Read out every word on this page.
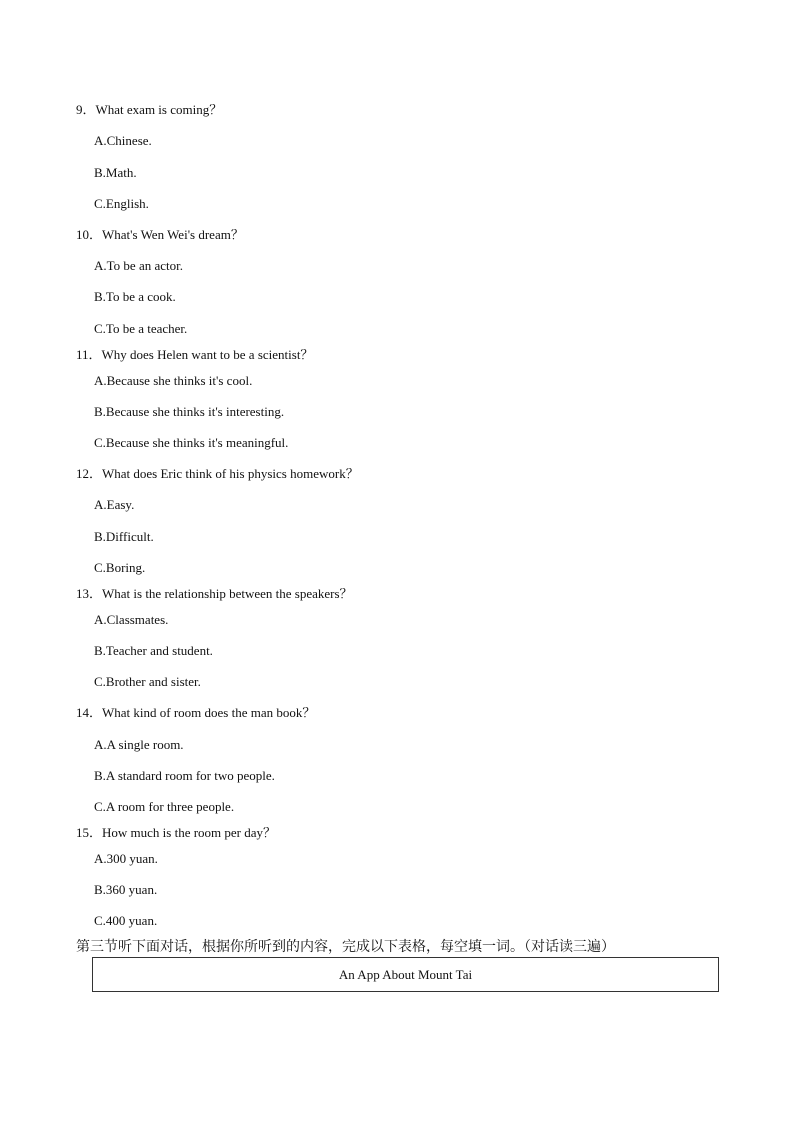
9．What exam is coming？
A.Chinese.
B.Math.
C.English.
10．What's Wen Wei's dream？
A.To be an actor.
B.To be a cook.
C.To be a teacher.
11．Why does Helen want to be a scientist？
A.Because she thinks it's cool.
B.Because she thinks it's interesting.
C.Because she thinks it's meaningful.
12．What does Eric think of his physics homework？
A.Easy.
B.Difficult.
C.Boring.
13．What is the relationship between the speakers？
A.Classmates.
B.Teacher and student.
C.Brother and sister.
14．What kind of room does the man book？
A.A single room.
B.A standard room for two people.
C.A room for three people.
15．How much is the room per day？
A.300 yuan.
B.360 yuan.
C.400 yuan.
第三节听下面对话，根据你所听到的内容，完成以下表格，每空填一词。（对话读三遍）
An App About Mount Tai
